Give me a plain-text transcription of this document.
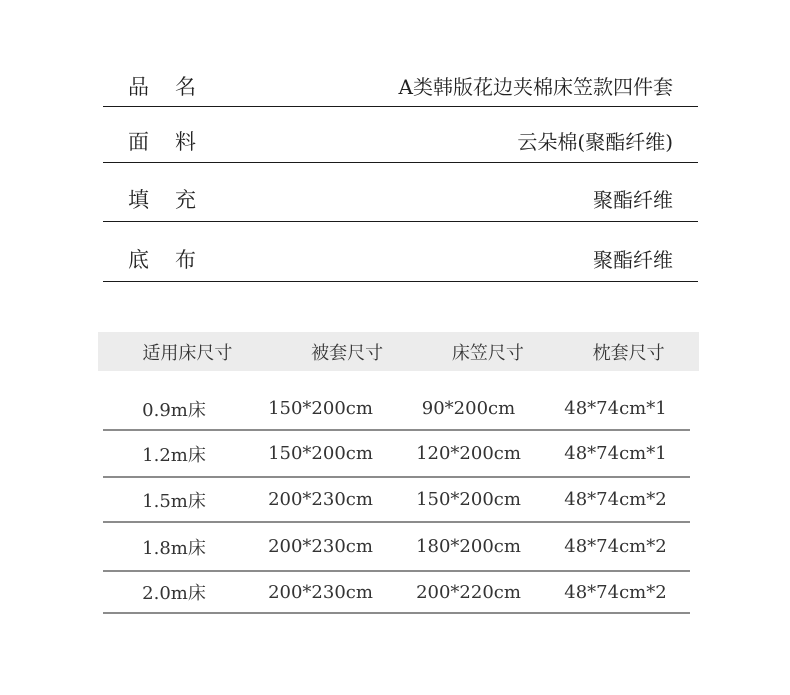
品名	A类韩版花边夹棉床笠款四件套
面料	云朵棉(聚酯纤维)
填充	聚酯纤维
底布	聚酯纤维
适用床尺寸	被套尺寸	床笠尺寸	枕套尺寸
0.9m床	150*200cm	90*200cm	48*74cm*1
1.2m床	150*200cm	120*200cm	48*74cm*1
1.5m床	200*230cm	150*200cm	48*74cm*2
1.8m床	200*230cm	180*200cm	48*74cm*2
2.0m床	200*230cm	200*220cm	48*74cm*2
